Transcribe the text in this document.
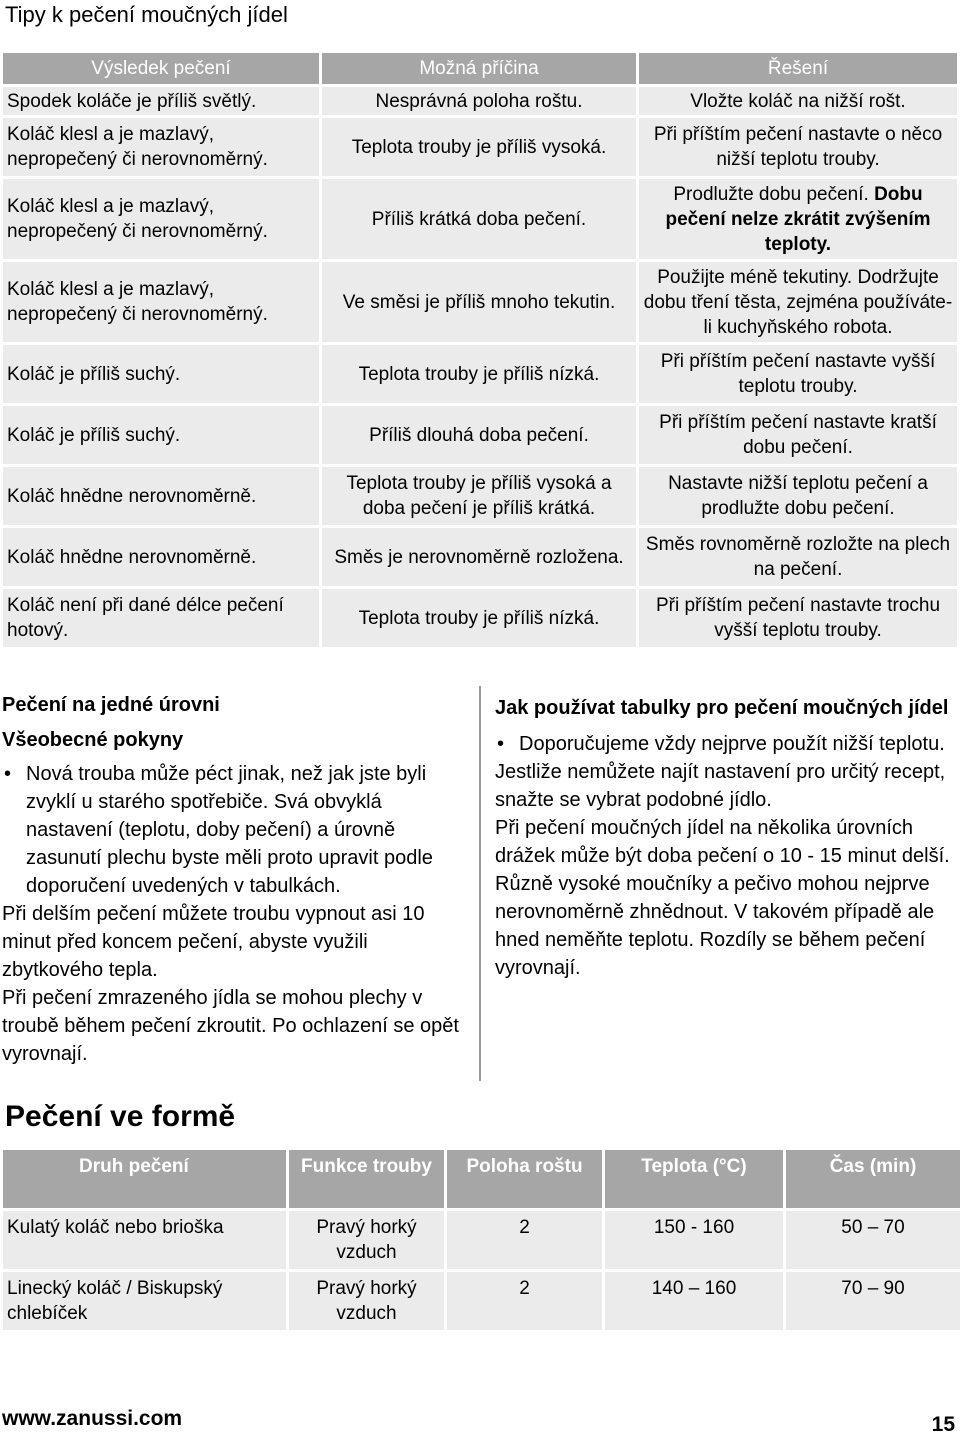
Tipy k pečení moučných jídel
Výsledek pečení	Možná příčina	Řešení
Spodek koláče je příliš světlý.	Nesprávná poloha roštu.	Vložte koláč na nižší rošt.
Koláč klesl a je mazlavý, nepropečený či nerovnoměrný.	Teplota trouby je příliš vysoká.	Při příštím pečení nastavte o něco nižší teplotu trouby.
Koláč klesl a je mazlavý, nepropečený či nerovnoměrný.	Příliš krátká doba pečení.	Prodlužte dobu pečení. Dobu pečení nelze zkrátit zvýšením teploty.
Koláč klesl a je mazlavý, nepropečený či nerovnoměrný.	Ve směsi je příliš mnoho tekutin.	Použijte méně tekutiny. Dodržujte dobu tření těsta, zejména používáte-li kuchyňského robota.
Koláč je příliš suchý.	Teplota trouby je příliš nízká.	Při příštím pečení nastavte vyšší teplotu trouby.
Koláč je příliš suchý.	Příliš dlouhá doba pečení.	Při příštím pečení nastavte kratší dobu pečení.
Koláč hnědne nerovnoměrně.	Teplota trouby je příliš vysoká a doba pečení je příliš krátká.	Nastavte nižší teplotu pečení a prodlužte dobu pečení.
Koláč hnědne nerovnoměrně.	Směs je nerovnoměrně rozložena.	Směs rovnoměrně rozložte na plech na pečení.
Koláč není při dané délce pečení hotový.	Teplota trouby je příliš nízká.	Při příštím pečení nastavte trochu vyšší teplotu trouby.
Pečení na jedné úrovni
Všeobecné pokyny
• Nová trouba může péct jinak, než jak jste byli zvyklí u starého spotřebiče. Svá obvyklá nastavení (teplotu, doby pečení) a úrovně zasunutí plechu byste měli proto upravit podle doporučení uvedených v tabulkách.
Při delším pečení můžete troubu vypnout asi 10 minut před koncem pečení, abyste využili zbytkového tepla.
Při pečení zmrazeného jídla se mohou plechy v troubě během pečení zkroutit. Po ochlazení se opět vyrovnají.
Jak používat tabulky pro pečení moučných jídel
• Doporučujeme vždy nejprve použít nižší teplotu.
Jestliže nemůžete najít nastavení pro určitý recept, snažte se vybrat podobné jídlo.
Při pečení moučných jídel na několika úrovních drážek může být doba pečení o 10 - 15 minut delší.
Různě vysoké moučníky a pečivo mohou nejprve nerovnoměrně zhnědnout. V takovém případě ale hned neměňte teplotu. Rozdíly se během pečení vyrovnají.
Pečení ve formě
Druh pečení	Funkce trouby	Poloha roštu	Teplota (°C)	Čas (min)
Kulatý koláč nebo brioška	Pravý horký vzduch	2	150 - 160	50 – 70
Linecký koláč / Biskupský chlebíček	Pravý horký vzduch	2	140 – 160	70 – 90
www.zanussi.com	15
